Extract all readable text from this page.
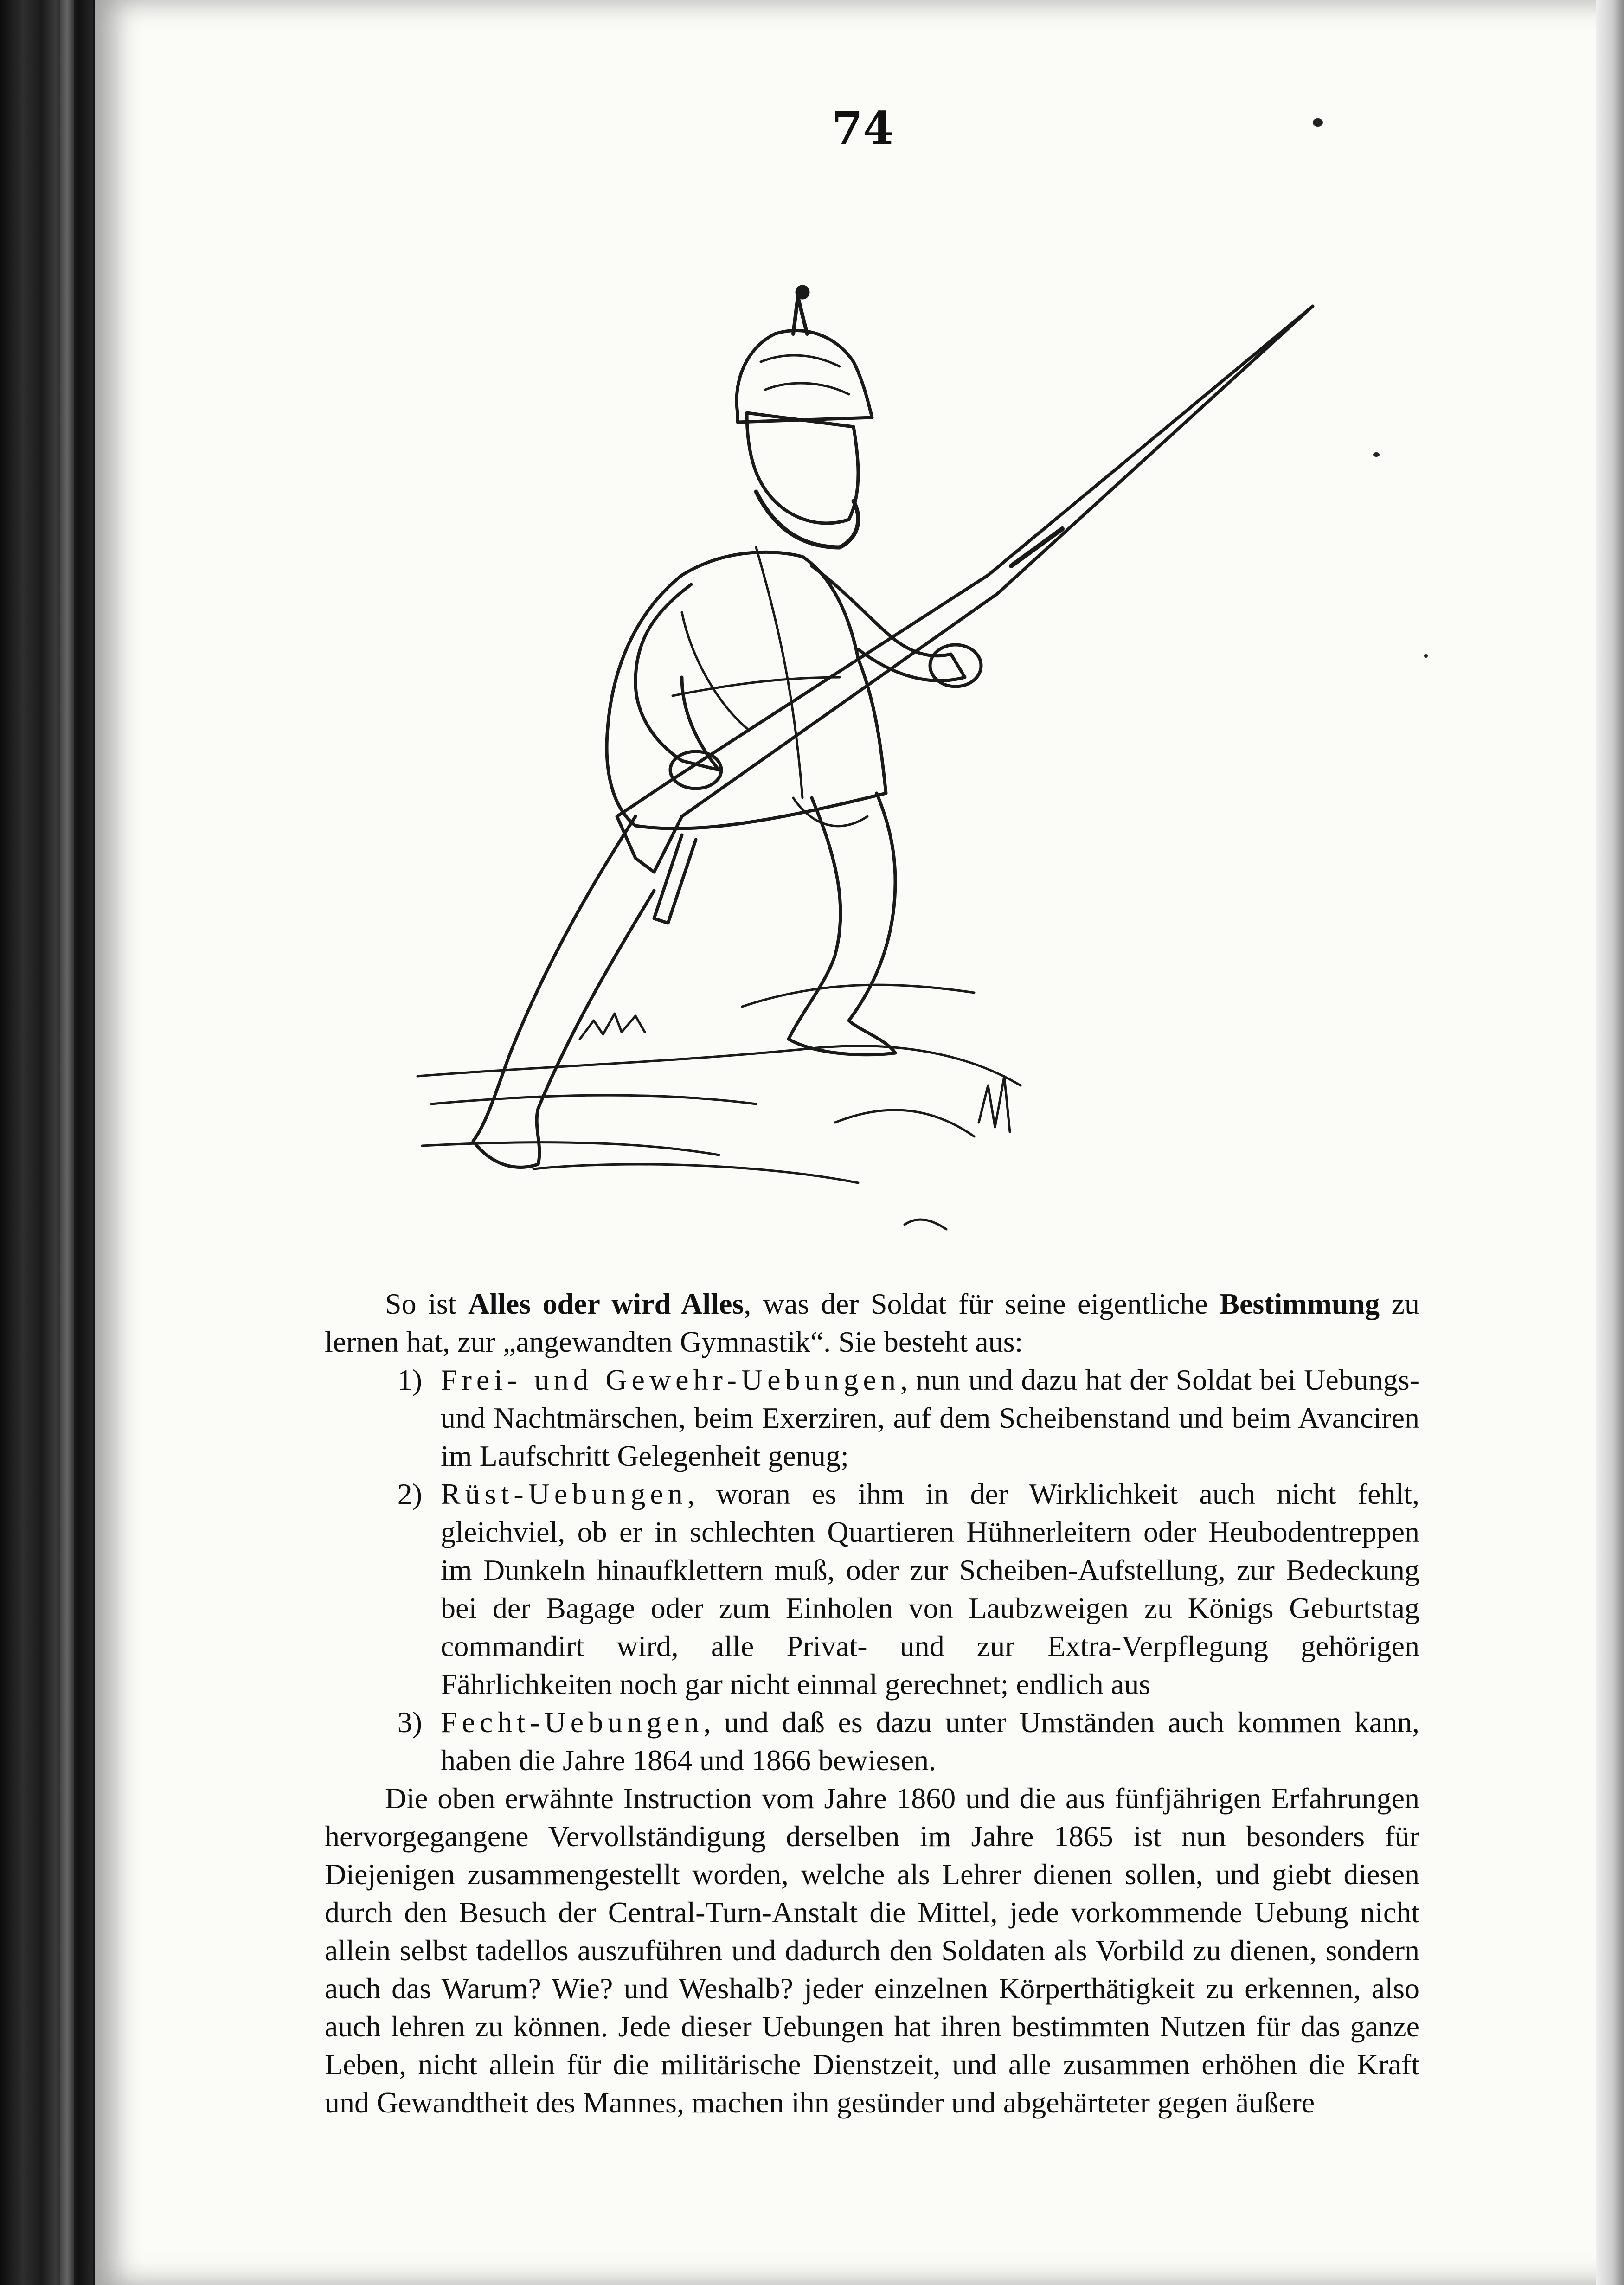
74

So ist Alles oder wird Alles, was der Soldat für seine eigentliche Bestimmung zu lernen hat, zur „angewandten Gymnastik“. Sie besteht aus:

1) Frei- und Gewehr-Uebungen, nun und dazu hat der Soldat bei Uebungs- und Nachtmärschen, beim Exerziren, auf dem Scheibenstand und beim Avanciren im Laufschritt Gelegenheit genug;
2) Rüst-Uebungen, woran es ihm in der Wirklichkeit auch nicht fehlt, gleichviel, ob er in schlechten Quartieren Hühnerleitern oder Heubodentreppen im Dunkeln hinaufklettern muß, oder zur Scheiben-Aufstellung, zur Bedeckung bei der Bagage oder zum Einholen von Laubzweigen zu Königs Geburtstag commandirt wird, alle Privat- und zur Extra-Verpflegung gehörigen Fährlichkeiten noch gar nicht einmal gerechnet; endlich aus
3) Fecht-Uebungen, und daß es dazu unter Umständen auch kommen kann, haben die Jahre 1864 und 1866 bewiesen.

Die oben erwähnte Instruction vom Jahre 1860 und die aus fünfjährigen Erfahrungen hervorgegangene Vervollständigung derselben im Jahre 1865 ist nun besonders für Diejenigen zusammengestellt worden, welche als Lehrer dienen sollen, und giebt diesen durch den Besuch der Central-Turn-Anstalt die Mittel, jede vorkommende Uebung nicht allein selbst tadellos auszuführen und dadurch den Soldaten als Vorbild zu dienen, sondern auch das Warum? Wie? und Weshalb? jeder einzelnen Körperthätigkeit zu erkennen, also auch lehren zu können. Jede dieser Uebungen hat ihren bestimmten Nutzen für das ganze Leben, nicht allein für die militärische Dienstzeit, und alle zusammen erhöhen die Kraft und Gewandtheit des Mannes, machen ihn gesünder und abgehärteter gegen äußere
